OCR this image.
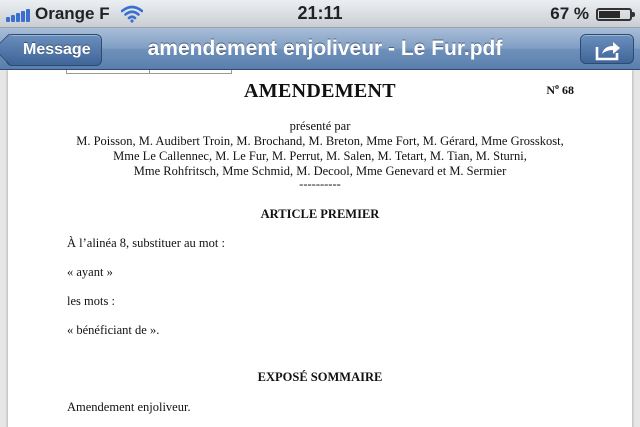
Orange F	21:11	67 %
Message	amendement enjoliveur - Le Fur.pdf
AMENDEMENT	$N^o$ 68
présenté par
M. Poisson, M. Audibert Troin, M. Brochand, M. Breton, Mme Fort, M. Gérard, Mme Grosskost,
Mme Le Callennec, M. Le Fur, M. Perrut, M. Salen, M. Tetart, M. Tian, M. Sturni,
Mme Rohfritsch, Mme Schmid, M. Decool, Mme Genevard et M. Sermier
----------
ARTICLE PREMIER
À l’alinéa 8, substituer au mot :
« ayant »
les mots :
« bénéficiant de ».
EXPOSÉ SOMMAIRE
Amendement enjoliveur.
